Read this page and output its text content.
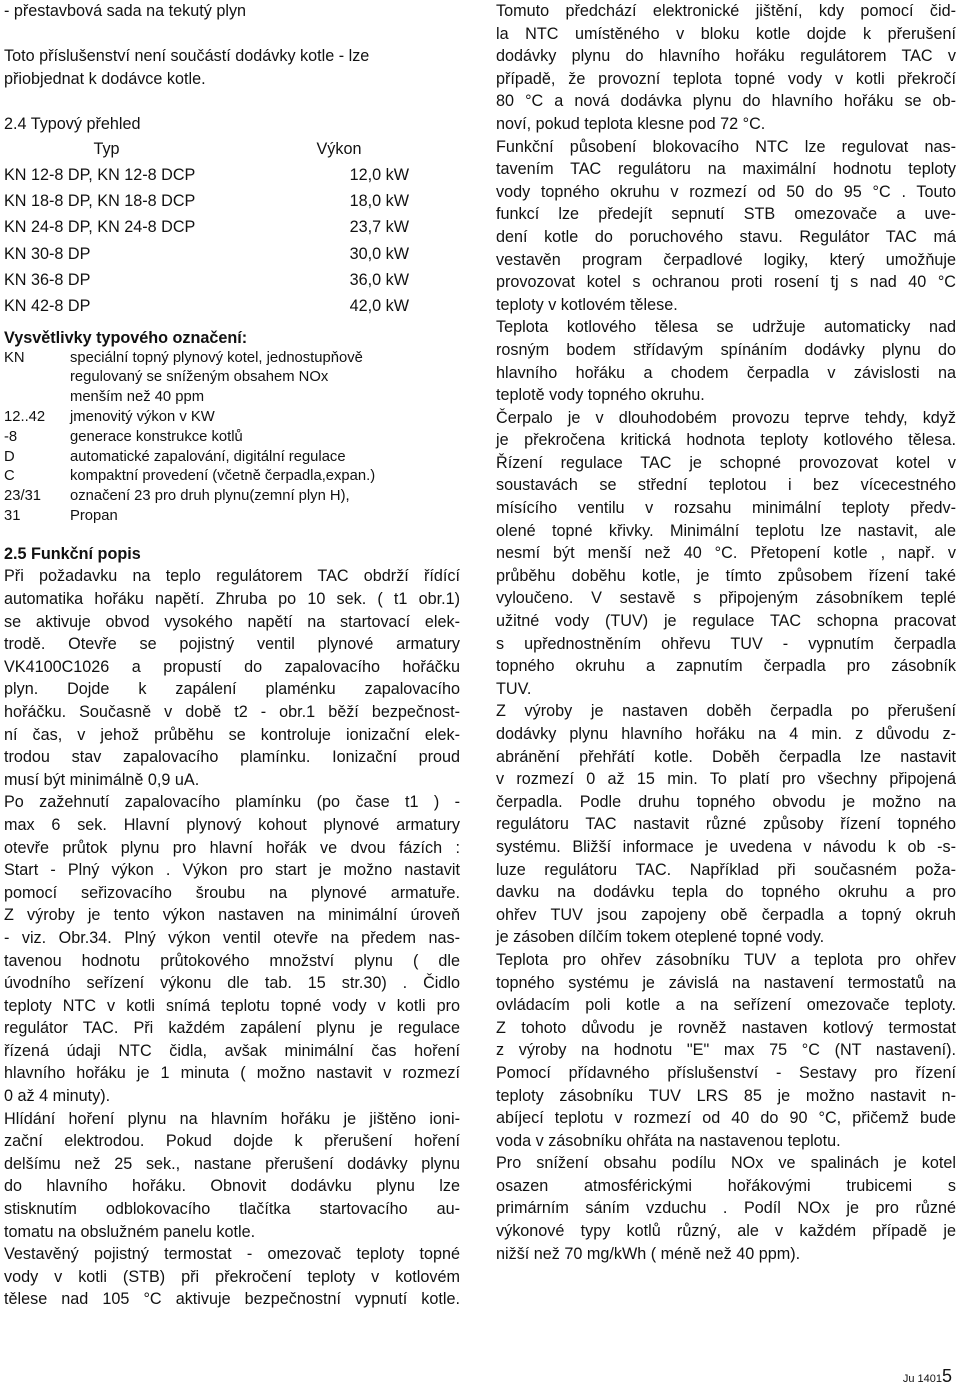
- přestavbová sada na tekutý plyn
Toto příslušenství není součástí dodávky kotle - lze
přiobjednat k dodávce kotle.
2.4 Typový přehled
Typ	Výkon
KN 12-8 DP, KN 12-8 DCP	12,0 kW
KN 18-8 DP, KN 18-8 DCP	18,0 kW
KN 24-8 DP, KN 24-8 DCP	23,7 kW
KN 30-8 DP	30,0 kW
KN 36-8 DP	36,0 kW
KN 42-8 DP	42,0 kW
Vysvětlivky typového označení:
KN	speciální topný plynový kotel, jednostupňově
regulovaný se sníženým obsahem NOx
menším než 40 ppm
12..42	jmenovitý výkon v KW
-8	generace konstrukce kotlů
D	automatické zapalování, digitální regulace
C	kompaktní provedení (včetně čerpadla,expan.)
23/31	označení 23 pro druh plynu(zemní plyn H),
31	Propan
2.5 Funkční popis
Při požadavku na teplo regulátorem TAC obdrží řídící
automatika hořáku napětí. Zhruba po 10 sek. ( t1 obr.1)
se aktivuje obvod vysokého napětí na startovací elek-
trodě. Otevře se pojistný ventil plynové armatury
VK4100C1026 a propustí do zapalovacího hořáčku
plyn. Dojde k zapálení plaménku zapalovacího
hořáčku. Současně v době t2 - obr.1 běží bezpečnost-
ní čas, v jehož průběhu se kontroluje ionizační elek-
trodou stav zapalovacího plamínku. Ionizační proud
musí být minimálně 0,9 uA.
Po zažehnutí zapalovacího plamínku (po čase t1 ) -
max 6 sek. Hlavní plynový kohout plynové armatury
otevře průtok plynu pro hlavní hořák ve dvou fázích :
Start - Plný výkon . Výkon pro start je možno nastavit
pomocí seřizovacího šroubu na plynové armatuře.
Z výroby je tento výkon nastaven na minimální úroveň
- viz. Obr.34. Plný výkon ventil otevře na předem nas-
tavenou hodnotu průtokového množství plynu ( dle
úvodního seřízení výkonu dle tab. 15 str.30) . Čidlo
teploty NTC v kotli snímá teplotu topné vody v kotli pro
regulátor TAC. Při každém zapálení plynu je regulace
řízená údaji NTC čidla, avšak minimální čas hoření
hlavního hořáku je 1 minuta ( možno nastavit v rozmezí
0 až 4 minuty).
Hlídání hoření plynu na hlavním hořáku je jištěno ioni-
zační elektrodou. Pokud dojde k přerušení hoření
delšímu než 25 sek., nastane přerušení dodávky plynu
do hlavního hořáku. Obnovit dodávku plynu lze
stisknutím odblokovacího tlačítka startovacího au-
tomatu na obslužném panelu kotle.
Vestavěný pojistný termostat - omezovač teploty topné
vody v kotli (STB) při překročení teploty v kotlovém
tělese nad 105 °C aktivuje bezpečnostní vypnutí kotle.
Tomuto předchází elektronické jištění, kdy pomocí čid-
la NTC umístěného v bloku kotle dojde k přerušení
dodávky plynu do hlavního hořáku regulátorem TAC v
případě, že provozní teplota topné vody v kotli překročí
80 °C a nová dodávka plynu do hlavního hořáku se ob-
noví, pokud teplota klesne pod 72 °C.
Funkční působení blokovacího NTC lze regulovat nas-
tavením TAC regulátoru na maximální hodnotu teploty
vody topného okruhu v rozmezí od 50 do 95 °C . Touto
funkcí lze předejít sepnutí STB omezovače a uve-
dení kotle do poruchového stavu. Regulátor TAC má
vestavěn program čerpadlové logiky, který umožňuje
provozovat kotel s ochranou proti rosení tj s nad 40 °C
teploty v kotlovém tělese.
Teplota kotlového tělesa se udržuje automaticky nad
rosným bodem střídavým spínáním dodávky plynu do
hlavního hořáku a chodem čerpadla v závislosti na
teplotě vody topného okruhu.
Čerpalo je v dlouhodobém provozu teprve tehdy, když
je překročena kritická hodnota teploty kotlového tělesa.
Řízení regulace TAC je schopné provozovat kotel v
soustavách se střední teplotou i bez vícecestného
mísícího ventilu v rozsahu minimální teploty předv-
olené topné křivky. Minimální teplotu lze nastavit, ale
nesmí být menší než 40 °C. Přetopení kotle , např. v
průběhu doběhu kotle, je tímto způsobem řízení také
vyloučeno. V sestavě s připojeným zásobníkem teplé
užitné vody (TUV) je regulace TAC schopna pracovat
s upřednostněním ohřevu TUV - vypnutím čerpadla
topného okruhu a zapnutím čerpadla pro zásobník
TUV.
Z výroby je nastaven doběh čerpadla po přerušení
dodávky plynu hlavního hořáku na 4 min. z důvodu z-
abránění přehřátí kotle. Doběh čerpadla lze nastavit
v rozmezí 0 až 15 min. To platí pro všechny připojená
čerpadla. Podle druhu topného obvodu je možno na
regulátoru TAC nastavit různé způsoby řízení topného
systému. Bližší informace je uvedena v návodu k ob -s-
luze regulátoru TAC. Například při současném poža-
davku na dodávku tepla do topného okruhu a pro
ohřev TUV jsou zapojeny obě čerpadla a topný okruh
je zásoben dílčím tokem oteplené topné vody.
Teplota pro ohřev zásobníku TUV a teplota pro ohřev
topného systému je závislá na nastavení termostatů na
ovládacím poli kotle a na seřízení omezovače teploty.
Z tohoto důvodu je rovněž nastaven kotlový termostat
z výroby na hodnotu "E" max 75 °C (NT nastavení).
Pomocí přídavného příslušenství - Sestavy pro řízení
teploty zásobníku TUV LRS 85 je možno nastavit n-
abíjecí teplotu v rozmezí od 40 do 90 °C, přičemž bude
voda v zásobníku ohřáta na nastavenou teplotu.
Pro snížení obsahu podílu NOx ve spalinách je kotel
osazen atmosférickými hořákovými trubicemi s
primárním sáním vzduchu . Podíl NOx je pro různé
výkonové typy kotlů různý, ale v každém případě je
nižší než 70 mg/kWh ( méně než 40 ppm).
Ju 14015
